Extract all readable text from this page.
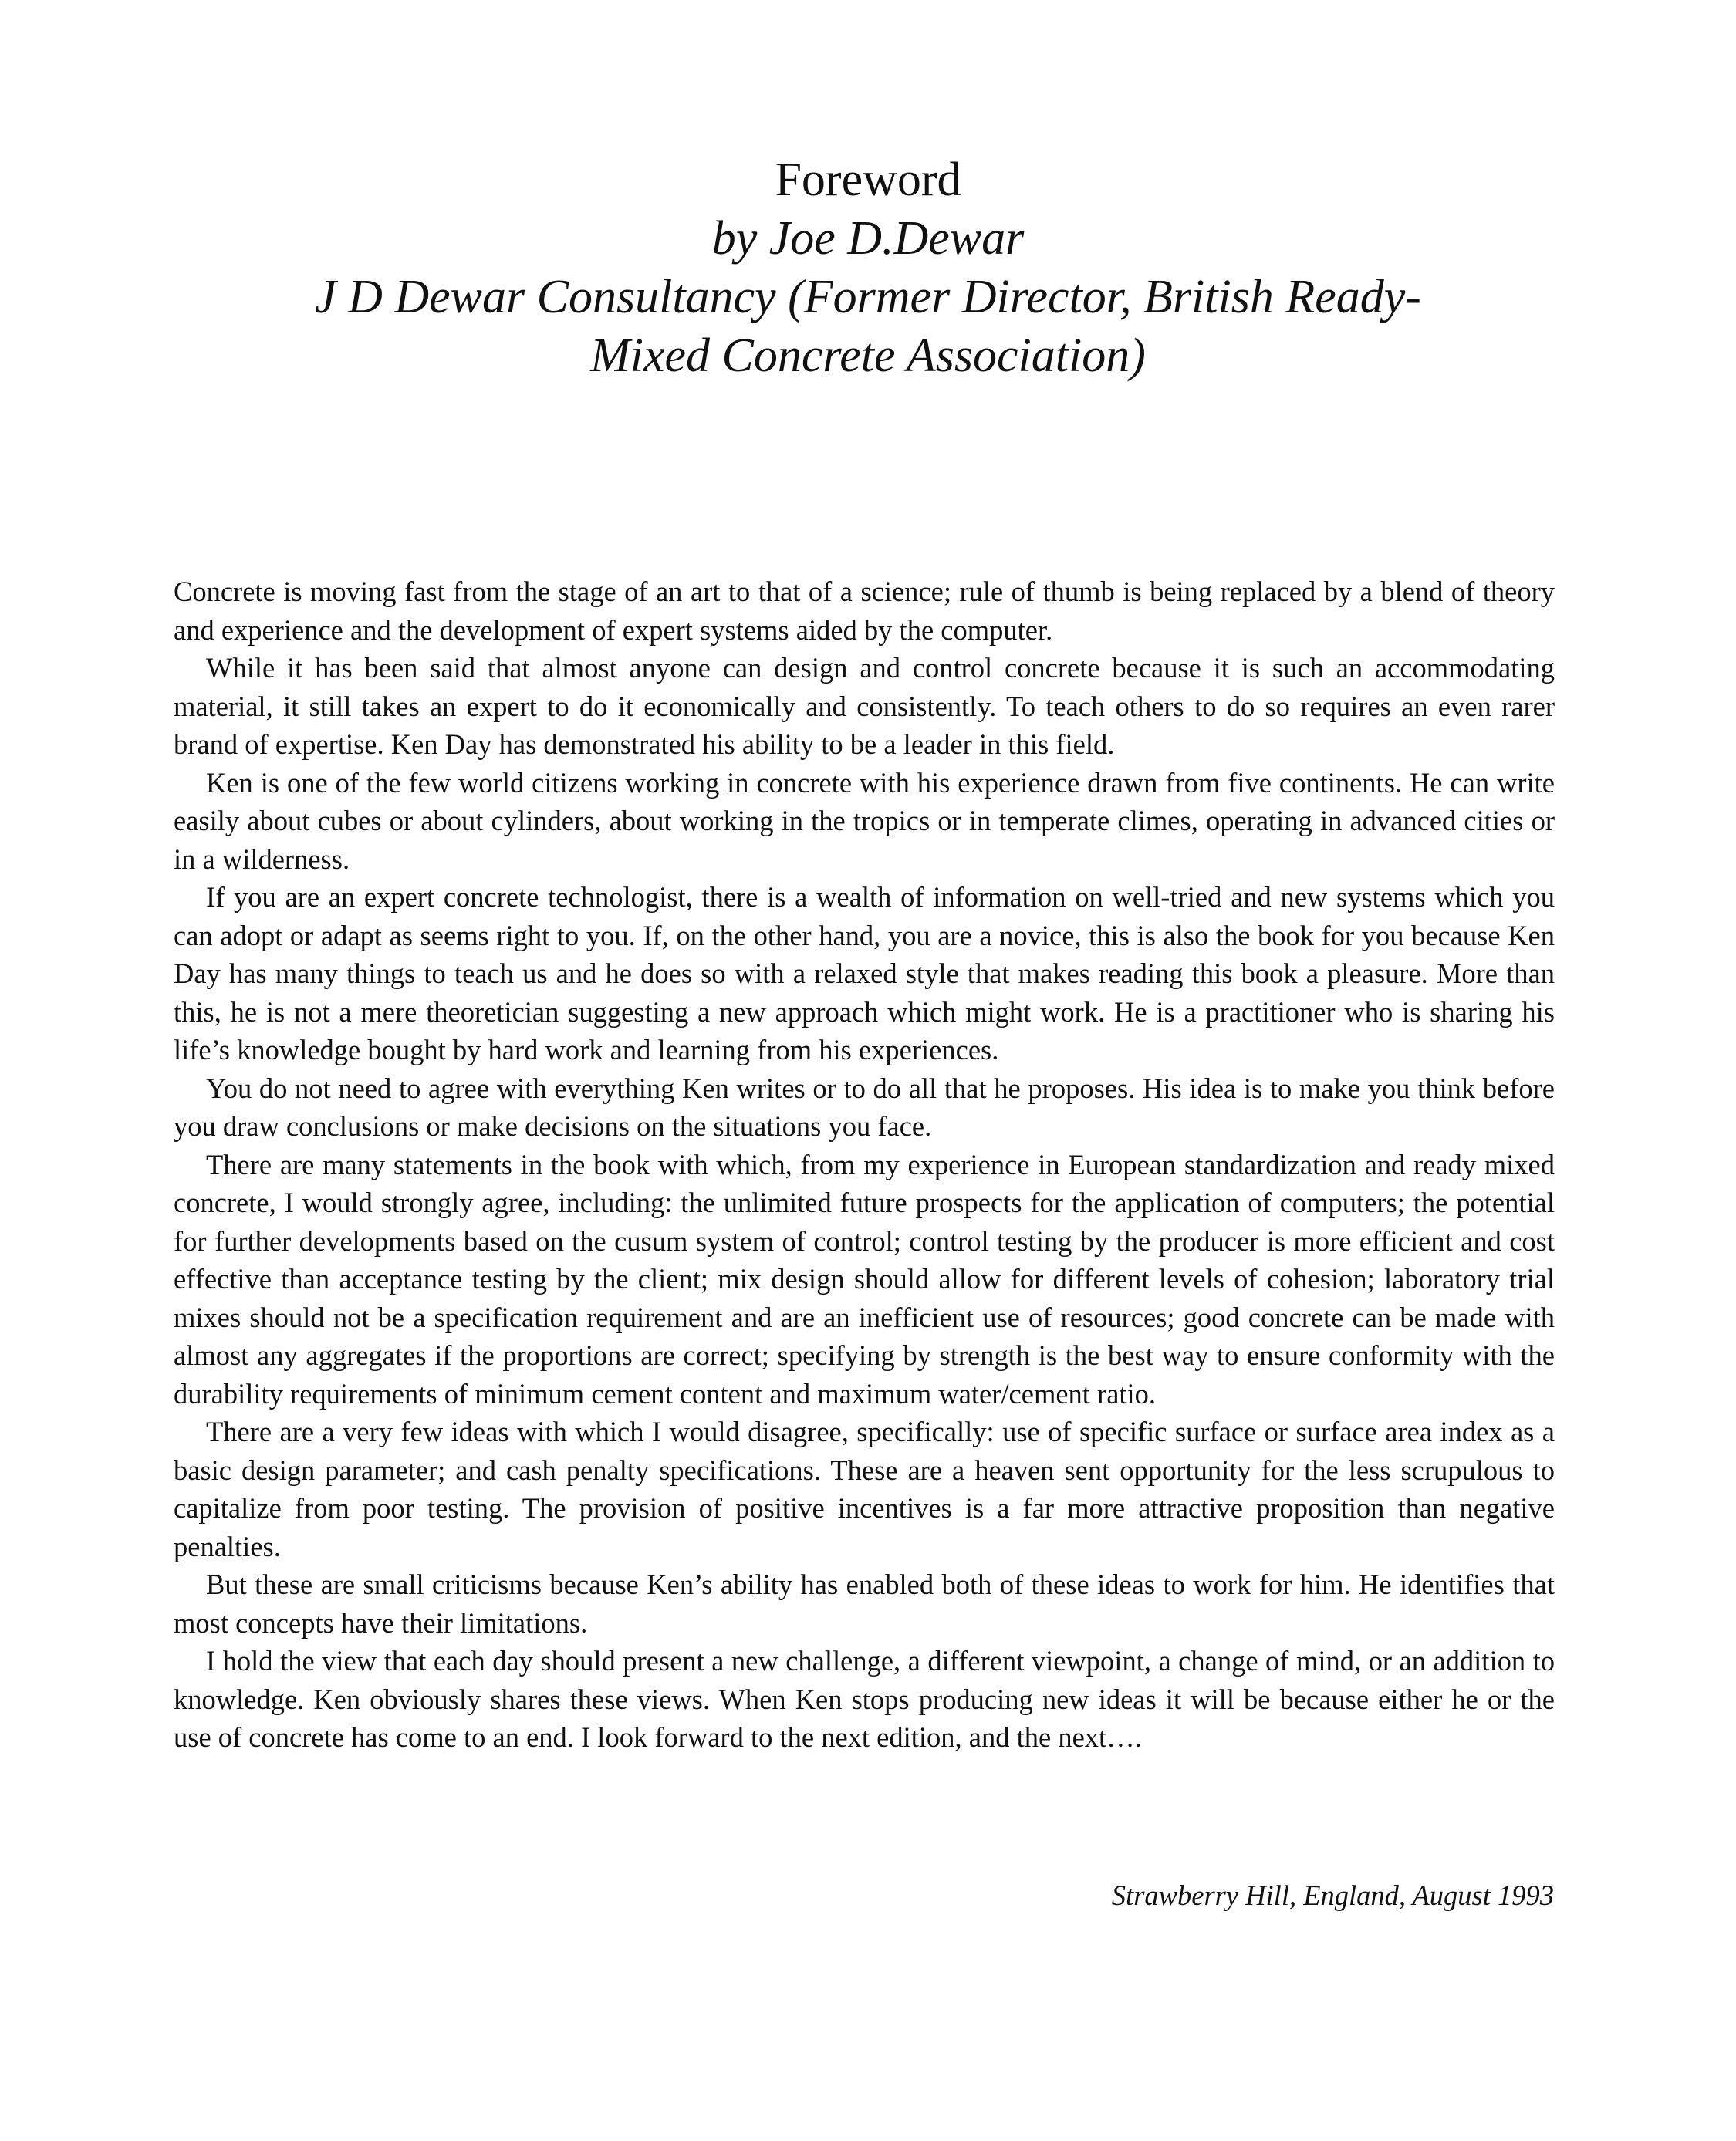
Foreword
by Joe D.Dewar
J D Dewar Consultancy (Former Director, British Ready-
Mixed Concrete Association)

Concrete is moving fast from the stage of an art to that of a science; rule of thumb is being replaced by a blend of theory and experience and the development of expert systems aided by the computer.

While it has been said that almost anyone can design and control concrete because it is such an accommodating material, it still takes an expert to do it economically and consistently. To teach others to do so requires an even rarer brand of expertise. Ken Day has demonstrated his ability to be a leader in this field.

Ken is one of the few world citizens working in concrete with his experience drawn from five continents. He can write easily about cubes or about cylinders, about working in the tropics or in temperate climes, operating in advanced cities or in a wilderness.

If you are an expert concrete technologist, there is a wealth of information on well-tried and new systems which you can adopt or adapt as seems right to you. If, on the other hand, you are a novice, this is also the book for you because Ken Day has many things to teach us and he does so with a relaxed style that makes reading this book a pleasure. More than this, he is not a mere theoretician suggesting a new approach which might work. He is a practitioner who is sharing his life’s knowledge bought by hard work and learning from his experiences.

You do not need to agree with everything Ken writes or to do all that he proposes. His idea is to make you think before you draw conclusions or make decisions on the situations you face.

There are many statements in the book with which, from my experience in European standardization and ready mixed concrete, I would strongly agree, including: the unlimited future prospects for the application of computers; the potential for further developments based on the cusum system of control; control testing by the producer is more efficient and cost effective than acceptance testing by the client; mix design should allow for different levels of cohesion; laboratory trial mixes should not be a specification requirement and are an inefficient use of resources; good concrete can be made with almost any aggregates if the proportions are correct; specifying by strength is the best way to ensure conformity with the durability requirements of minimum cement content and maximum water/cement ratio.

There are a very few ideas with which I would disagree, specifically: use of specific surface or surface area index as a basic design parameter; and cash penalty specifications. These are a heaven sent opportunity for the less scrupulous to capitalize from poor testing. The provision of positive incentives is a far more attractive proposition than negative penalties.

But these are small criticisms because Ken’s ability has enabled both of these ideas to work for him. He identifies that most concepts have their limitations.

I hold the view that each day should present a new challenge, a different viewpoint, a change of mind, or an addition to knowledge. Ken obviously shares these views. When Ken stops producing new ideas it will be because either he or the use of concrete has come to an end. I look forward to the next edition, and the next….

Strawberry Hill, England, August 1993
